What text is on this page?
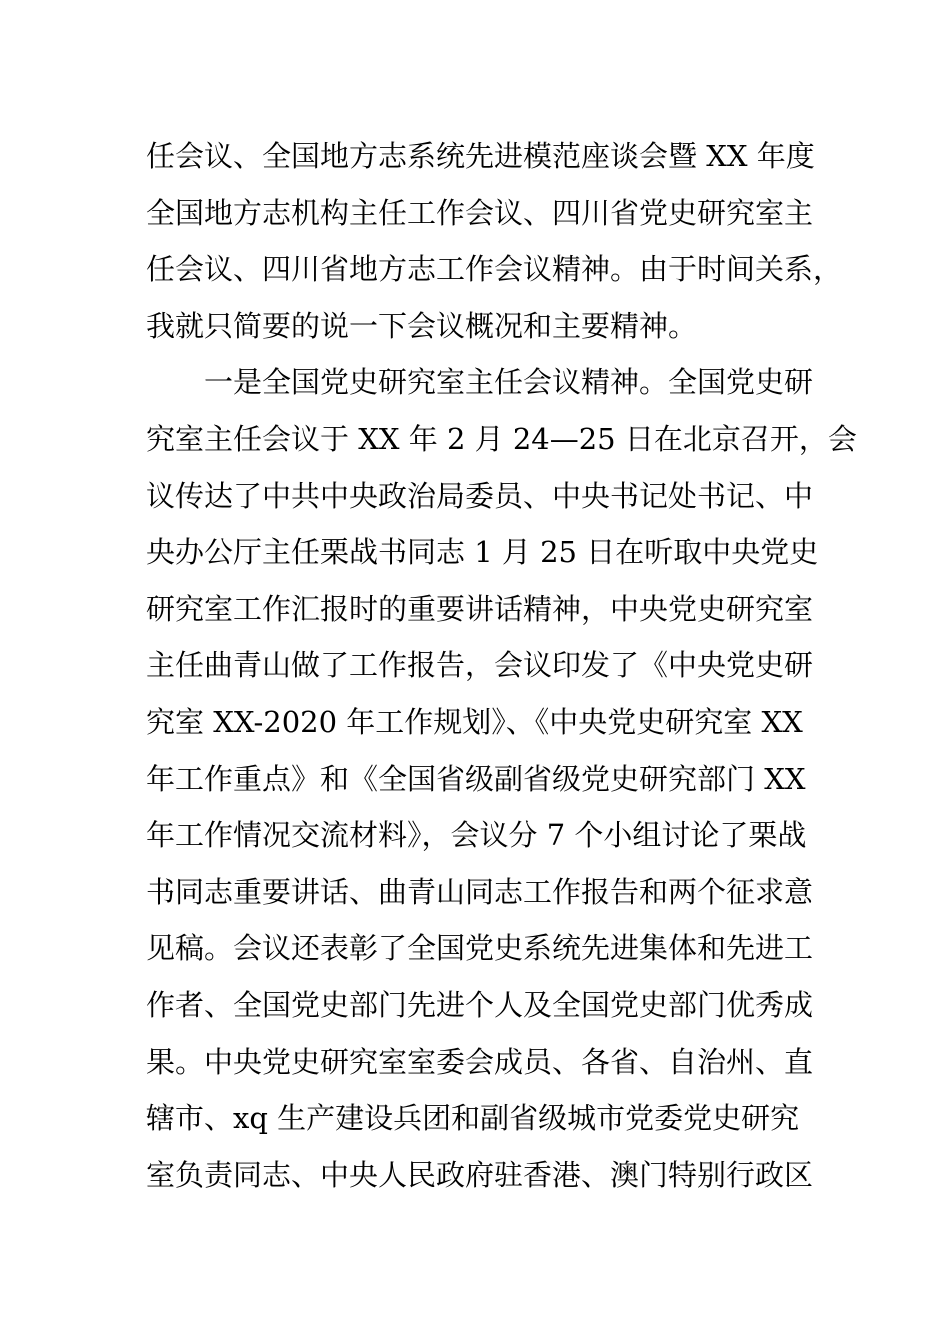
任会议、全国地方志系统先进模范座谈会暨 XX 年度
全国地方志机构主任工作会议、四川省党史研究室主
任会议、四川省地方志工作会议精神。由于时间关系，
我就只简要的说一下会议概况和主要精神。
　　一是全国党史研究室主任会议精神。全国党史研
究室主任会议于 XX 年 2 月 24—25 日在北京召开，会
议传达了中共中央政治局委员、中央书记处书记、中
央办公厅主任栗战书同志 1 月 25 日在听取中央党史
研究室工作汇报时的重要讲话精神，中央党史研究室
主任曲青山做了工作报告，会议印发了《中央党史研
究室 XX-2020 年工作规划》、《中央党史研究室 XX
年工作重点》和《全国省级副省级党史研究部门 XX
年工作情况交流材料》，会议分 7 个小组讨论了栗战
书同志重要讲话、曲青山同志工作报告和两个征求意
见稿。会议还表彰了全国党史系统先进集体和先进工
作者、全国党史部门先进个人及全国党史部门优秀成
果。中央党史研究室室委会成员、各省、自治州、直
辖市、xq 生产建设兵团和副省级城市党委党史研究
室负责同志、中央人民政府驻香港、澳门特别行政区
